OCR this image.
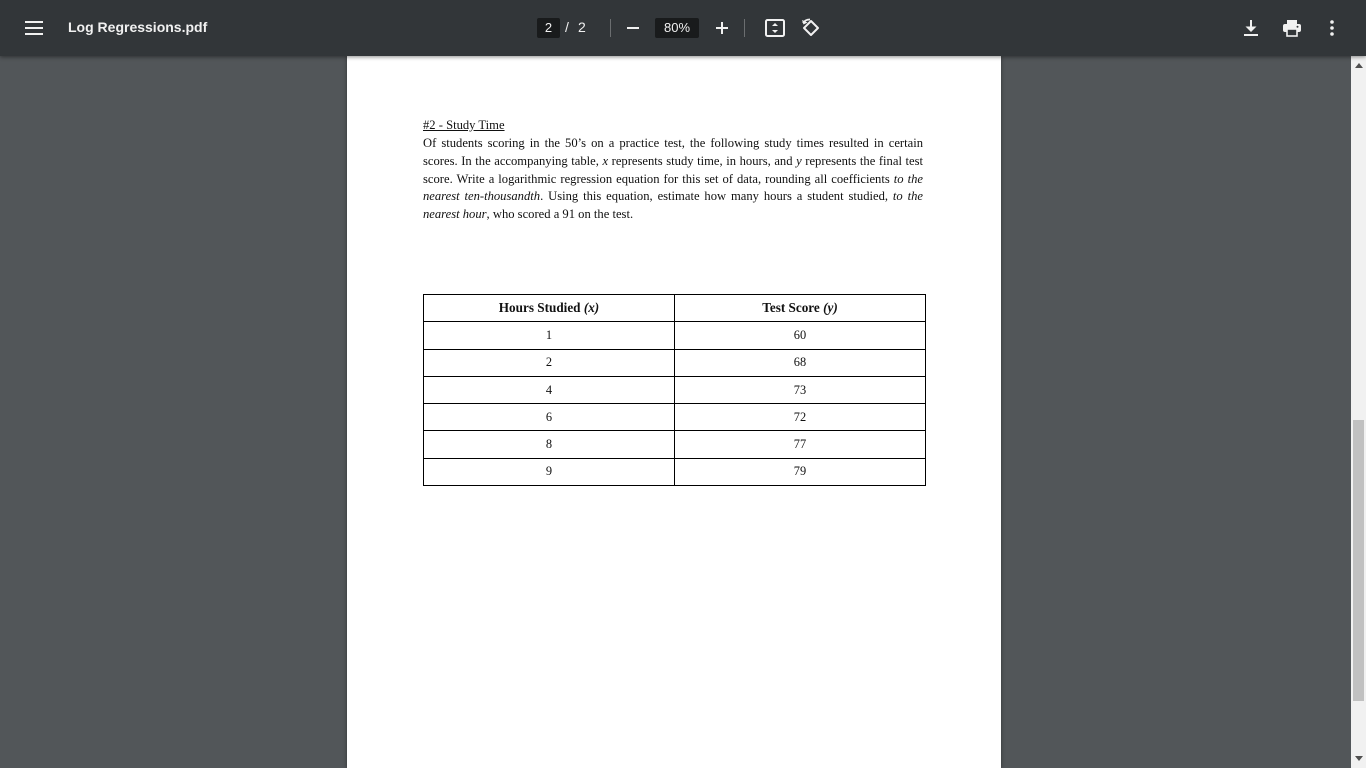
Log Regressions.pdf	2 / 2	80%

#2 - Study Time

Of students scoring in the 50’s on a practice test, the following study times resulted in certain scores. In the accompanying table, x represents study time, in hours, and y represents the final test score. Write a logarithmic regression equation for this set of data, rounding all coefficients to the nearest ten-thousandth. Using this equation, estimate how many hours a student studied, to the nearest hour, who scored a 91 on the test.

Hours Studied (x)	Test Score (y)
1	60
2	68
4	73
6	72
8	77
9	79
